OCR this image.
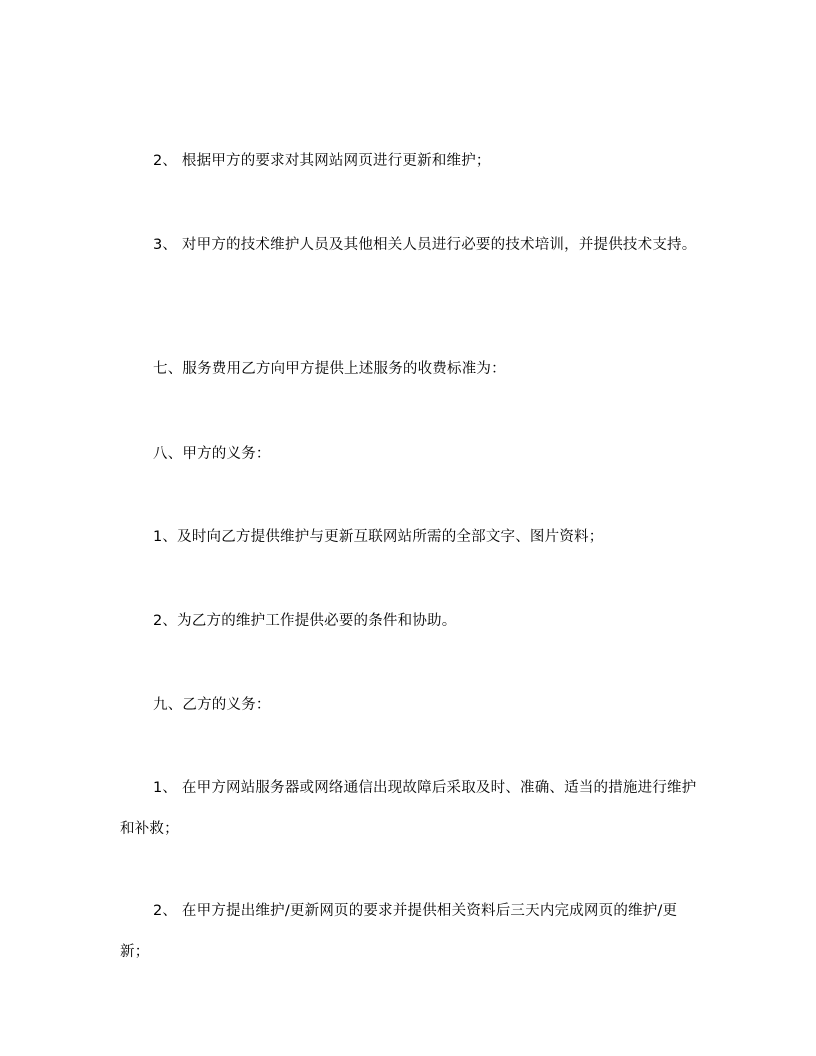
2、 根据甲方的要求对其网站网页进行更新和维护；

3、 对甲方的技术维护人员及其他相关人员进行必要的技术培训，并提供技术支持。

七、服务费用乙方向甲方提供上述服务的收费标准为：

八、甲方的义务：

1、及时向乙方提供维护与更新互联网站所需的全部文字、图片资料；

2、为乙方的维护工作提供必要的条件和协助。

九、乙方的义务：

1、 在甲方网站服务器或网络通信出现故障后采取及时、准确、适当的措施进行维护和补救；

2、 在甲方提出维护/更新网页的要求并提供相关资料后三天内完成网页的维护/更新；
